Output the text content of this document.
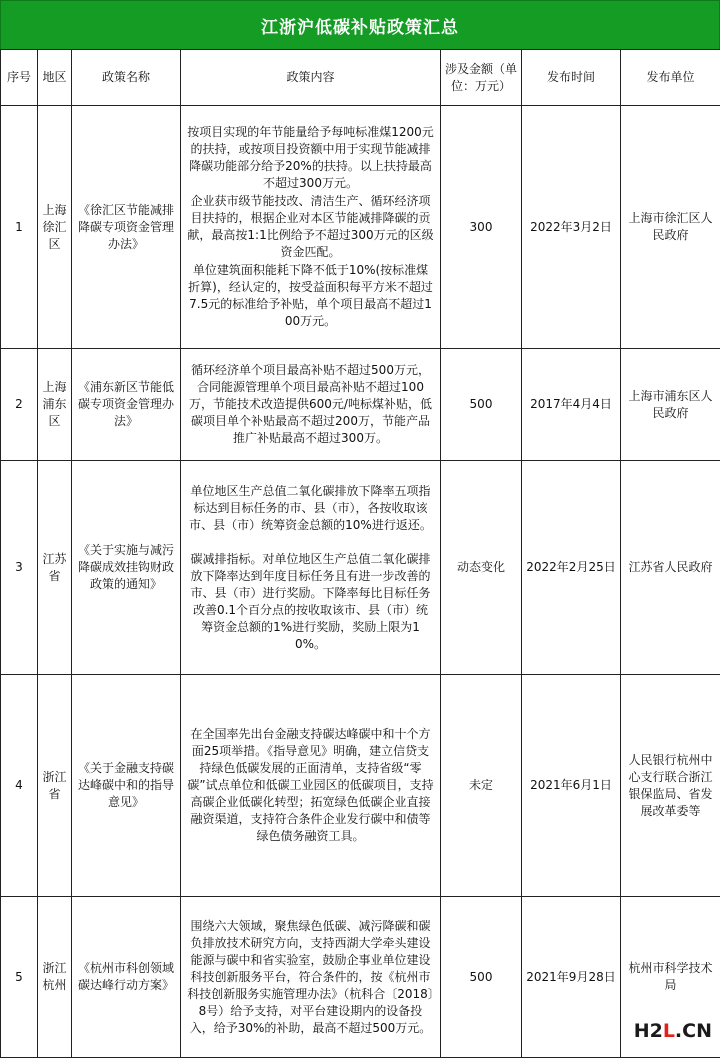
江浙沪低碳补贴政策汇总
序号	地区	政策名称	政策内容	涉及金额（单位：万元）	发布时间	发布单位
1	上海徐汇区	《徐汇区节能减排降碳专项资金管理办法》	按项目实现的年节能量给予每吨标准煤1200元的扶持，或按项目投资额中用于实现节能减排降碳功能部分给予20%的扶持。以上扶持最高不超过300万元。
企业获市级节能技改、清洁生产、循环经济项目扶持的，根据企业对本区节能减排降碳的贡献，最高按1:1比例给予不超过300万元的区级资金匹配。
单位建筑面积能耗下降不低于10%(按标准煤折算)，经认定的，按受益面积每平方米不超过7.5元的标准给予补贴，单个项目最高不超过100万元。	300	2022年3月2日	上海市徐汇区人民政府
2	上海浦东区	《浦东新区节能低碳专项资金管理办法》	循环经济单个项目最高补贴不超过500万元，合同能源管理单个项目最高补贴不超过100万，节能技术改造提供600元/吨标煤补贴，低碳项目单个补贴最高不超过200万，节能产品推广补贴最高不超过300万。	500	2017年4月4日	上海市浦东区人民政府
3	江苏省	《关于实施与减污降碳成效挂钩财政政策的通知》	单位地区生产总值二氧化碳排放下降率五项指标达到目标任务的市、县（市），各按收取该市、县（市）统筹资金总额的10%进行返还。
碳减排指标。对单位地区生产总值二氧化碳排放下降率达到年度目标任务且有进一步改善的市、县（市）进行奖励。下降率每比目标任务改善0.1个百分点的按收取该市、县（市）统筹资金总额的1%进行奖励，奖励上限为10%。	动态变化	2022年2月25日	江苏省人民政府
4	浙江省	《关于金融支持碳达峰碳中和的指导意见》	在全国率先出台金融支持碳达峰碳中和十个方面25项举措。《指导意见》明确，建立信贷支持绿色低碳发展的正面清单，支持省级“零碳”试点单位和低碳工业园区的低碳项目，支持高碳企业低碳化转型；拓宽绿色低碳企业直接融资渠道，支持符合条件企业发行碳中和债等绿色债务融资工具。	未定	2021年6月1日	人民银行杭州中心支行联合浙江银保监局、省发展改革委等
5	浙江杭州	《杭州市科创领域碳达峰行动方案》	围绕六大领域，聚焦绿色低碳、减污降碳和碳负排放技术研究方向，支持西湖大学牵头建设能源与碳中和省实验室，鼓励企事业单位建设科技创新服务平台，符合条件的，按《杭州市科技创新服务实施管理办法》（杭科合〔2018〕8号）给予支持，对平台建设期内的设备投入，给予30%的补助，最高不超过500万元。	500	2021年9月28日	杭州市科学技术局
H2L.CN
